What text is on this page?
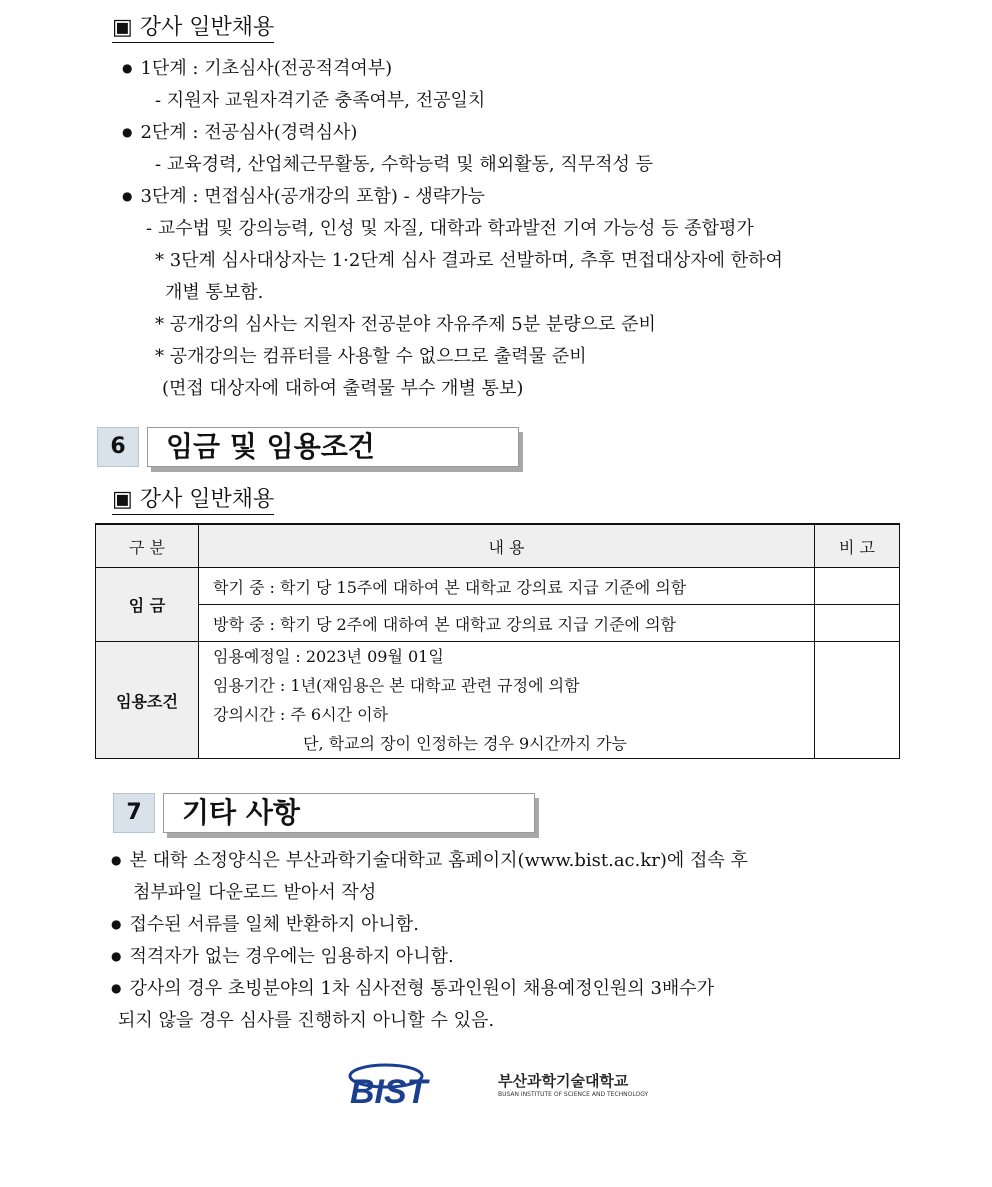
▣ 강사 일반채용
● 1단계 : 기초심사(전공적격여부)
- 지원자 교원자격기준 충족여부, 전공일치
● 2단계 : 전공심사(경력심사)
- 교육경력, 산업체근무활동, 수학능력 및 해외활동, 직무적성 등
● 3단계 : 면접심사(공개강의 포함) - 생략가능
- 교수법 및 강의능력, 인성 및 자질, 대학과 학과발전 기여 가능성 등 종합평가
* 3단계 심사대상자는 1·2단계 심사 결과로 선발하며, 추후 면접대상자에 한하여
개별 통보함.
* 공개강의 심사는 지원자 전공분야 자유주제 5분 분량으로 준비
* 공개강의는 컴퓨터를 사용할 수 없으므로 출력물 준비
(면접 대상자에 대하여 출력물 부수 개별 통보)
6	임금 및 임용조건
▣ 강사 일반채용
구 분	내 용	비 고
임 금	학기 중 : 학기 당 15주에 대하여 본 대학교 강의료 지급 기준에 의함	
	방학 중 : 학기 당 2주에 대하여 본 대학교 강의료 지급 기준에 의함	
임용조건	임용예정일 : 2023년 09월 01일
임용기간 : 1년(재임용은 본 대학교 관련 규정에 의함
강의시간 : 주 6시간 이하
단, 학교의 장이 인정하는 경우 9시간까지 가능	

7	기타 사항
● 본 대학 소정양식은 부산과학기술대학교 홈페이지(www.bist.ac.kr)에 접속 후
첨부파일 다운로드 받아서 작성
● 접수된 서류를 일체 반환하지 아니함.
● 적격자가 없는 경우에는 임용하지 아니함.
● 강사의 경우 초빙분야의 1차 심사전형 통과인원이 채용예정인원의 3배수가
되지 않을 경우 심사를 진행하지 아니할 수 있음.
BIST	부산과학기술대학교
BUSAN INSTITUTE OF SCIENCE AND TECHNOLOGY
